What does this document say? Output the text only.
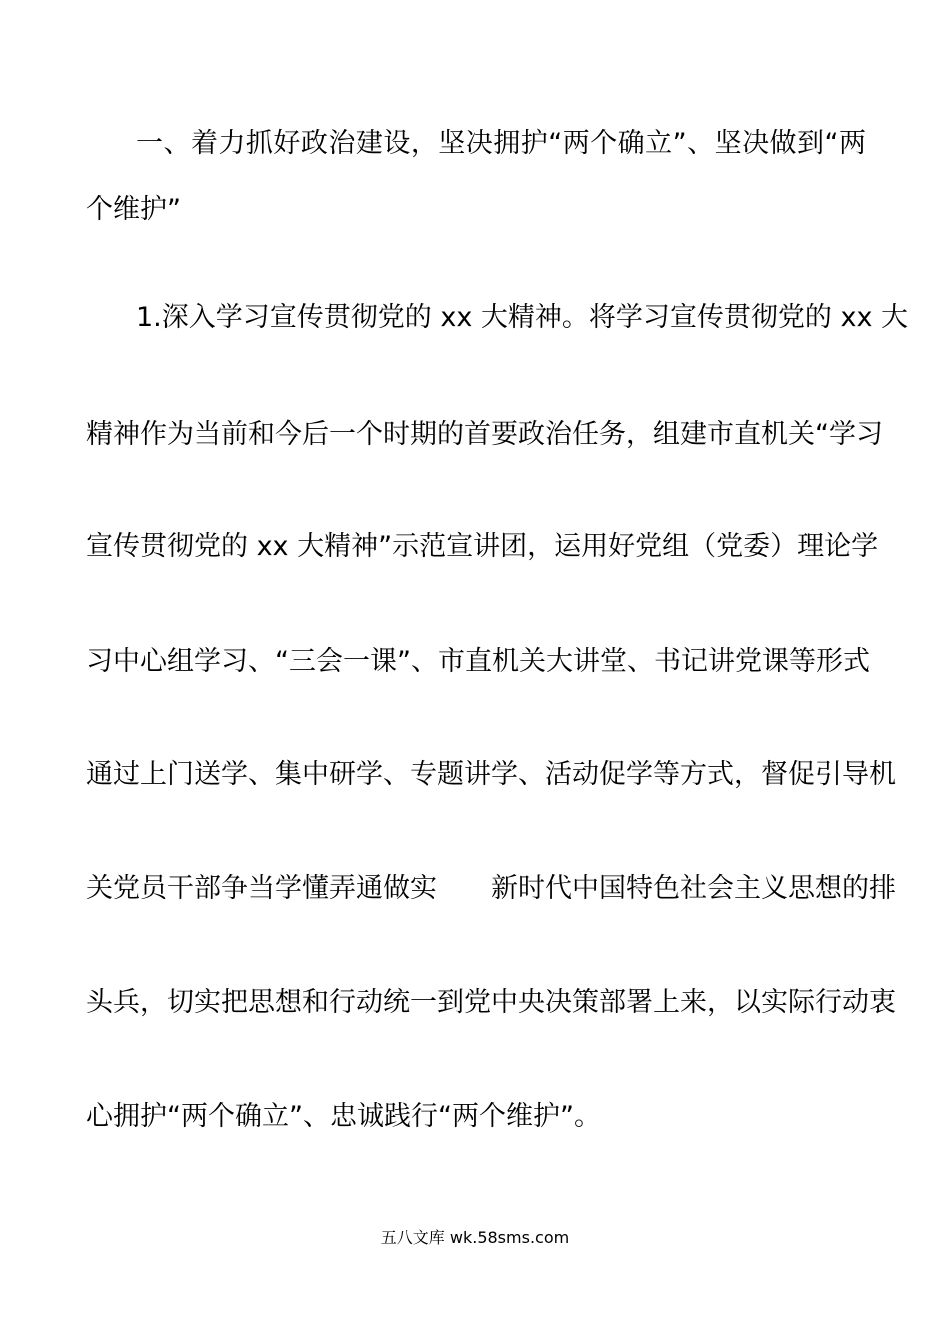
一、着力抓好政治建设，坚决拥护“两个确立”、坚决做到“两
个维护”
1.深入学习宣传贯彻党的 xx 大精神。将学习宣传贯彻党的 xx 大
精神作为当前和今后一个时期的首要政治任务，组建市直机关“学习
宣传贯彻党的 xx 大精神”示范宣讲团，运用好党组（党委）理论学
习中心组学习、“三会一课”、市直机关大讲堂、书记讲党课等形式
通过上门送学、集中研学、专题讲学、活动促学等方式，督促引导机
关党员干部争当学懂弄通做实　　新时代中国特色社会主义思想的排
头兵，切实把思想和行动统一到党中央决策部署上来，以实际行动衷
心拥护“两个确立”、忠诚践行“两个维护”。
五八文库 wk.58sms.com
